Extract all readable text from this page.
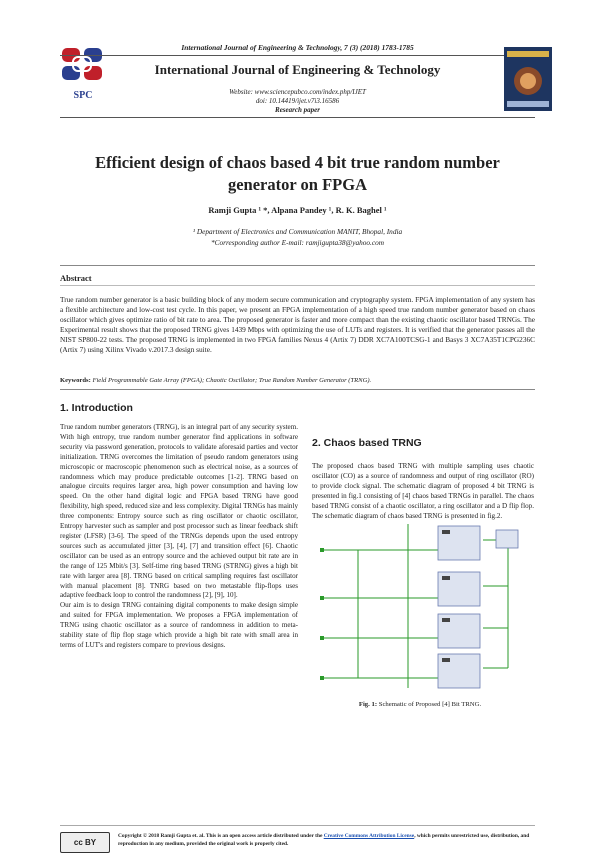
SPC
International Journal of Engineering & Technology, 7 (3) (2018) 1783-1785
International Journal of Engineering & Technology
Website: www.sciencepubco.com/index.php/IJET
doi: 10.14419/ijet.v7i3.16586
Research paper
Efficient design of chaos based 4 bit true random number generator on FPGA
Ramji Gupta ¹ *, Alpana Pandey ¹, R. K. Baghel ¹
¹ Department of Electronics and Communication MANIT, Bhopal, India
*Corresponding author E-mail: ramjigupta38@yahoo.com
Abstract
True random number generator is a basic building block of any modern secure communication and cryptography system. FPGA implementation of any system has a flexible architecture and low-cost test cycle. In this paper, we present an FPGA implementation of a high speed true random number generator based on chaos oscillator which gives optimize ratio of bit rate to area. The proposed generator is faster and more compact than the existing chaotic oscillator based TRNGs. The Experimental result shows that the proposed TRNG gives 1439 Mbps with optimizing the use of LUTs and registers. It is verified that the generator passes all the NIST SP800-22 tests. The proposed TRNG is implemented in two FPGA families Nexus 4 (Artix 7) DDR XC7A100TCSG-1 and Basys 3 XC7A35T1CPG236C (Artix 7) using Xilinx Vivado v.2017.3 design suite.
Keywords: Field Programmable Gate Array (FPGA); Chaotic Oscillator; True Random Number Generator (TRNG).
1. Introduction

True random number generators (TRNG), is an integral part of any security system. With high entropy, true random number generator find applications in software security via password generation, protocols to validate aforesaid parties and vector initialization. TRNG overcomes the limitation of pseudo random generators using microscopic or macroscopic phenomenon such as electrical noise, as a sources of randomness which may produce predictable outcomes [1-2]. TRNG based on analogue circuits requires larger area, high power consumption and having low speed. On the other hand digital logic and FPGA based TRNG have good flexibility, high speed, reduced size and less complexity. Digital TRNGs has mainly three components: Entropy source such as ring oscillator or chaotic oscillator, Entropy harvester such as sampler and post processor such as linear feedback shift register (LFSR) [3-6]. The speed of the TRNGs depends upon the used entropy sources such as accumulated jitter [3], [4], [7] and transition effect [6]. Chaotic oscillator can be used as an entropy source and the achieved output bit rate are in the range of 125 Mbit/s [3]. Self-time ring based TRNG (STRNG) gives a high bit rate with larger area [8]. TRNG based on critical sampling requires fast oscillator with manual placement [8]. TNRG based on two metastable flip-flops uses adaptive feedback loop to control the randomness [2], [9], 10].

Our aim is to design TRNG containing digital components to make design simple and suited for FPGA implementation. We proposes a FPGA implementation of TRNG using chaotic oscillator as a source of randomness in addition to meta-stability state of flip flop stage which provide a high bit rate with small area in terms of LUT's and registers compare to previous designs.

2. Chaos based TRNG

The proposed chaos based TRNG with multiple sampling uses chaotic oscillator (CO) as a source of randomness and output of ring oscillator (RO) to provide clock signal. The schematic diagram of proposed 4 bit TRNG is presented in fig.1 consisting of [4] chaos based TRNGs in parallel. The chaos based TRNG consist of a chaotic oscillator, a ring oscillator and a D flip flop. The schematic diagram of chaos based TRNG is presented in fig.2.

Fig. 1: Schematic of Proposed [4] Bit TRNG.
cc BY
Copyright © 2018 Ramji Gupta et. al. This is an open access article distributed under the Creative Commons Attribution License, which permits unrestricted use, distribution, and reproduction in any medium, provided the original work is properly cited.
